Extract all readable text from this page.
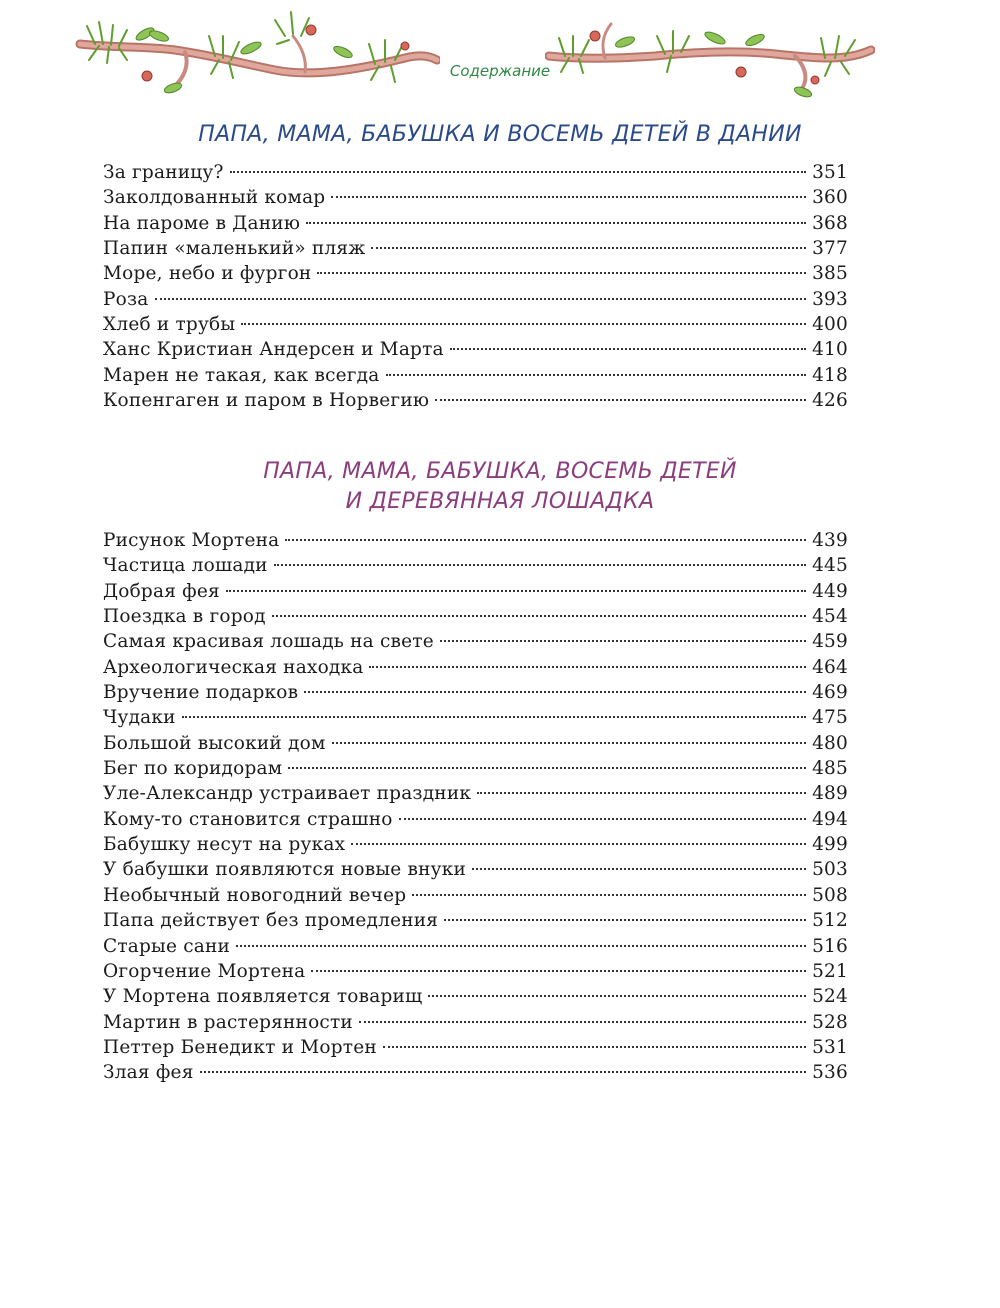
Содержание
ПАПА, МАМА, БАБУШКА И ВОСЕМЬ ДЕТЕЙ В ДАНИИ
За границу?	351
Заколдованный комар	360
На пароме в Данию	368
Папин «маленький» пляж	377
Море, небо и фургон	385
Роза	393
Хлеб и трубы	400
Ханс Кристиан Андерсен и Марта	410
Марен не такая, как всегда	418
Копенгаген и паром в Норвегию	426
ПАПА, МАМА, БАБУШКА, ВОСЕМЬ ДЕТЕЙ
И ДЕРЕВЯННАЯ ЛОШАДКА
Рисунок Мортена	439
Частица лошади	445
Добрая фея	449
Поездка в город	454
Самая красивая лошадь на свете	459
Археологическая находка	464
Вручение подарков	469
Чудаки	475
Большой высокий дом	480
Бег по коридорам	485
Уле-Александр устраивает праздник	489
Кому-то становится страшно	494
Бабушку несут на руках	499
У бабушки появляются новые внуки	503
Необычный новогодний вечер	508
Папа действует без промедления	512
Старые сани	516
Огорчение Мортена	521
У Мортена появляется товарищ	524
Мартин в растерянности	528
Петтер Бенедикт и Мортен	531
Злая фея	536
